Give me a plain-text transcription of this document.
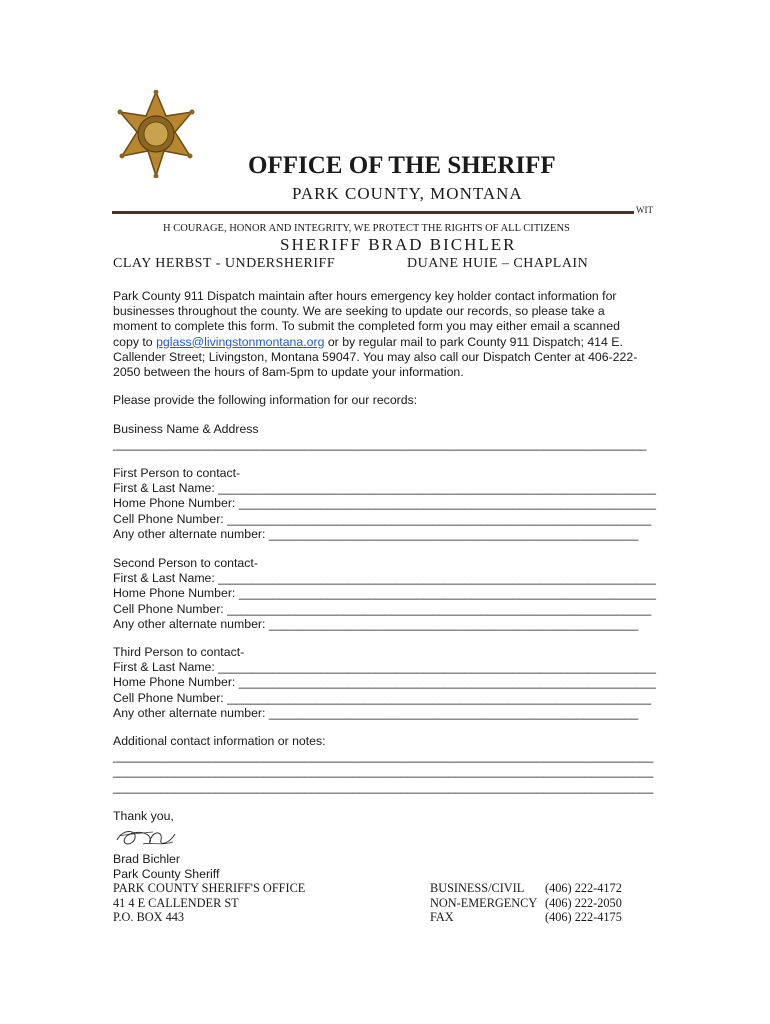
OFFICE OF THE SHERIFF
PARK COUNTY, MONTANA
WIT
H COURAGE, HONOR AND INTEGRITY, WE PROTECT THE RIGHTS OF ALL CITIZENS
SHERIFF BRAD BICHLER
CLAY HERBST - UNDERSHERIFF	DUANE HUIE – CHAPLAIN
Park County 911 Dispatch maintain after hours emergency key holder contact information for
businesses throughout the county. We are seeking to update our records, so please take a
moment to complete this form. To submit the completed form you may either email a scanned
copy to pglass@livingstonmontana.org or by regular mail to park County 911 Dispatch; 414 E.
Callender Street; Livingston, Montana 59047. You may also call our Dispatch Center at 406-222-
2050 between the hours of 8am-5pm to update your information.
Please provide the following information for our records:
Business Name & Address
______________________________________________________________________________
First Person to contact-
First & Last Name: ________________________________________________________________
Home Phone Number: _____________________________________________________________
Cell Phone Number: ______________________________________________________________
Any other alternate number: ______________________________________________________
Second Person to contact-
First & Last Name: ________________________________________________________________
Home Phone Number: _____________________________________________________________
Cell Phone Number: ______________________________________________________________
Any other alternate number: ______________________________________________________
Third Person to contact-
First & Last Name: ________________________________________________________________
Home Phone Number: _____________________________________________________________
Cell Phone Number: ______________________________________________________________
Any other alternate number: ______________________________________________________
Additional contact information or notes:
_______________________________________________________________________________
_______________________________________________________________________________
_______________________________________________________________________________
Thank you,
Brad Bichler
Park County Sheriff
PARK COUNTY SHERIFF'S OFFICE
41 4 E CALLENDER ST
P.O. BOX 443
BUSINESS/CIVIL
NON-EMERGENCY
FAX
(406) 222-4172
(406) 222-2050
(406) 222-4175
